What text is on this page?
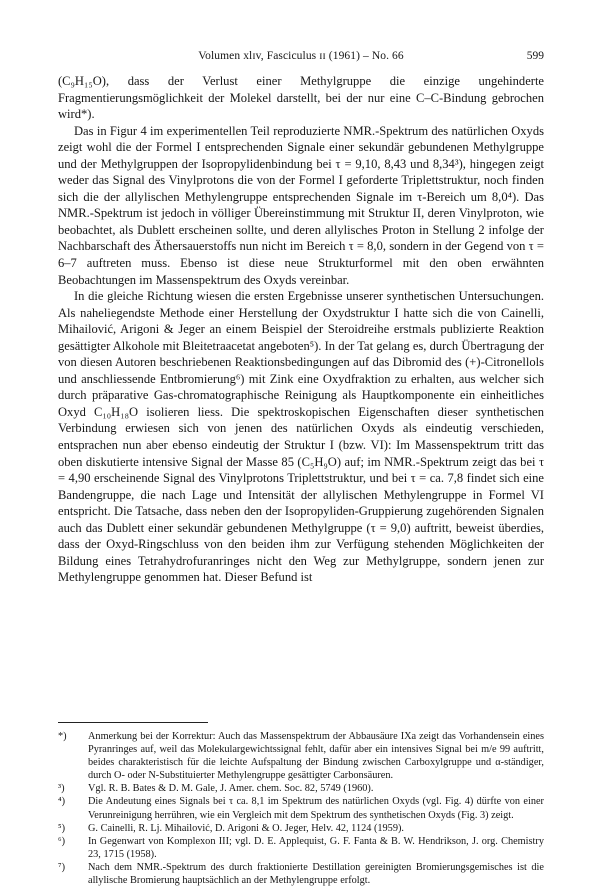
Volumen xlɪv, Fasciculus ɪɪ (1961) – No. 66	599

(C₉H₁₅O), dass der Verlust einer Methylgruppe die einzige ungehinderte Fragmentierungsmöglichkeit der Molekel darstellt, bei der nur eine C–C-Bindung gebrochen wird*).

Das in Figur 4 im experimentellen Teil reproduzierte NMR.-Spektrum des natürlichen Oxyds zeigt wohl die der Formel I entsprechenden Signale einer sekundär gebundenen Methylgruppe und der Methylgruppen der Isopropylidenbindung bei τ = 9,10, 8,43 und 8,34³), hingegen zeigt weder das Signal des Vinylprotons die von der Formel I geforderte Triplettstruktur, noch finden sich die der allylischen Methylengruppe entsprechenden Signale im τ-Bereich um 8,0⁴). Das NMR.-Spektrum ist jedoch in völliger Übereinstimmung mit Struktur II, deren Vinylproton, wie beobachtet, als Dublett erscheinen sollte, und deren allylisches Proton in Stellung 2 infolge der Nachbarschaft des Äthersauerstoffs nun nicht im Bereich τ = 8,0, sondern in der Gegend von τ = 6–7 auftreten muss. Ebenso ist diese neue Strukturformel mit den oben erwähnten Beobachtungen im Massenspektrum des Oxyds vereinbar.

In die gleiche Richtung wiesen die ersten Ergebnisse unserer synthetischen Untersuchungen. Als naheliegendste Methode einer Herstellung der Oxydstruktur I hatte sich die von Cainelli, Mihailović, Arigoni & Jeger an einem Beispiel der Steroidreihe erstmals publizierte Reaktion gesättigter Alkohole mit Bleitetraacetat angeboten⁵). In der Tat gelang es, durch Übertragung der von diesen Autoren beschriebenen Reaktionsbedingungen auf das Dibromid des (+)-Citronellols und anschliessende Entbromierung⁶) mit Zink eine Oxydfraktion zu erhalten, aus welcher sich durch präparative Gas-chromatographische Reinigung als Hauptkomponente ein einheitliches Oxyd C₁₀H₁₈O isolieren liess. Die spektroskopischen Eigenschaften dieser synthetischen Verbindung erwiesen sich von jenen des natürlichen Oxyds als eindeutig verschieden, entsprachen nun aber ebenso eindeutig der Struktur I (bzw. VI): Im Massenspektrum tritt das oben diskutierte intensive Signal der Masse 85 (C₅H₉O) auf; im NMR.-Spektrum zeigt das bei τ = 4,90 erscheinende Signal des Vinylprotons Triplettstruktur, und bei τ = ca. 7,8 findet sich eine Bandengruppe, die nach Lage und Intensität der allylischen Methylengruppe in Formel VI entspricht. Die Tatsache, dass neben den der Isopropyliden-Gruppierung zugehörenden Signalen auch das Dublett einer sekundär gebundenen Methylgruppe (τ = 9,0) auftritt, beweist überdies, dass der Oxyd-Ringschluss von den beiden ihm zur Verfügung stehenden Möglichkeiten der Bildung eines Tetrahydrofuranringes nicht den Weg zur Methylgruppe, sondern jenen zur Methylengruppe genommen hat. Dieser Befund ist

*)	Anmerkung bei der Korrektur: Auch das Massenspektrum der Abbausäure IXa zeigt das Vorhandensein eines Pyranringes auf, weil das Molekulargewichtssignal fehlt, dafür aber ein intensives Signal bei m/e 99 auftritt, beides charakteristisch für die leichte Aufspaltung der Bindung zwischen Carboxylgruppe und α-ständiger, durch O- oder N-Substituierter Methylengruppe gesättigter Carbonsäuren.
³)	Vgl. R. B. Bates & D. M. Gale, J. Amer. chem. Soc. 82, 5749 (1960).
⁴)	Die Andeutung eines Signals bei τ ca. 8,1 im Spektrum des natürlichen Oxyds (vgl. Fig. 4) dürfte von einer Verunreinigung herrühren, wie ein Vergleich mit dem Spektrum des synthetischen Oxyds (Fig. 3) zeigt.
⁵)	G. Cainelli, R. Lj. Mihailović, D. Arigoni & O. Jeger, Helv. 42, 1124 (1959).
⁶)	In Gegenwart von Komplexon III; vgl. D. E. Applequist, G. F. Fanta & B. W. Hendrikson, J. org. Chemistry 23, 1715 (1958).
⁷)	Nach dem NMR.-Spektrum des durch fraktionierte Destillation gereinigten Bromierungsgemisches ist die allylische Bromierung hauptsächlich an der Methylengruppe erfolgt.
